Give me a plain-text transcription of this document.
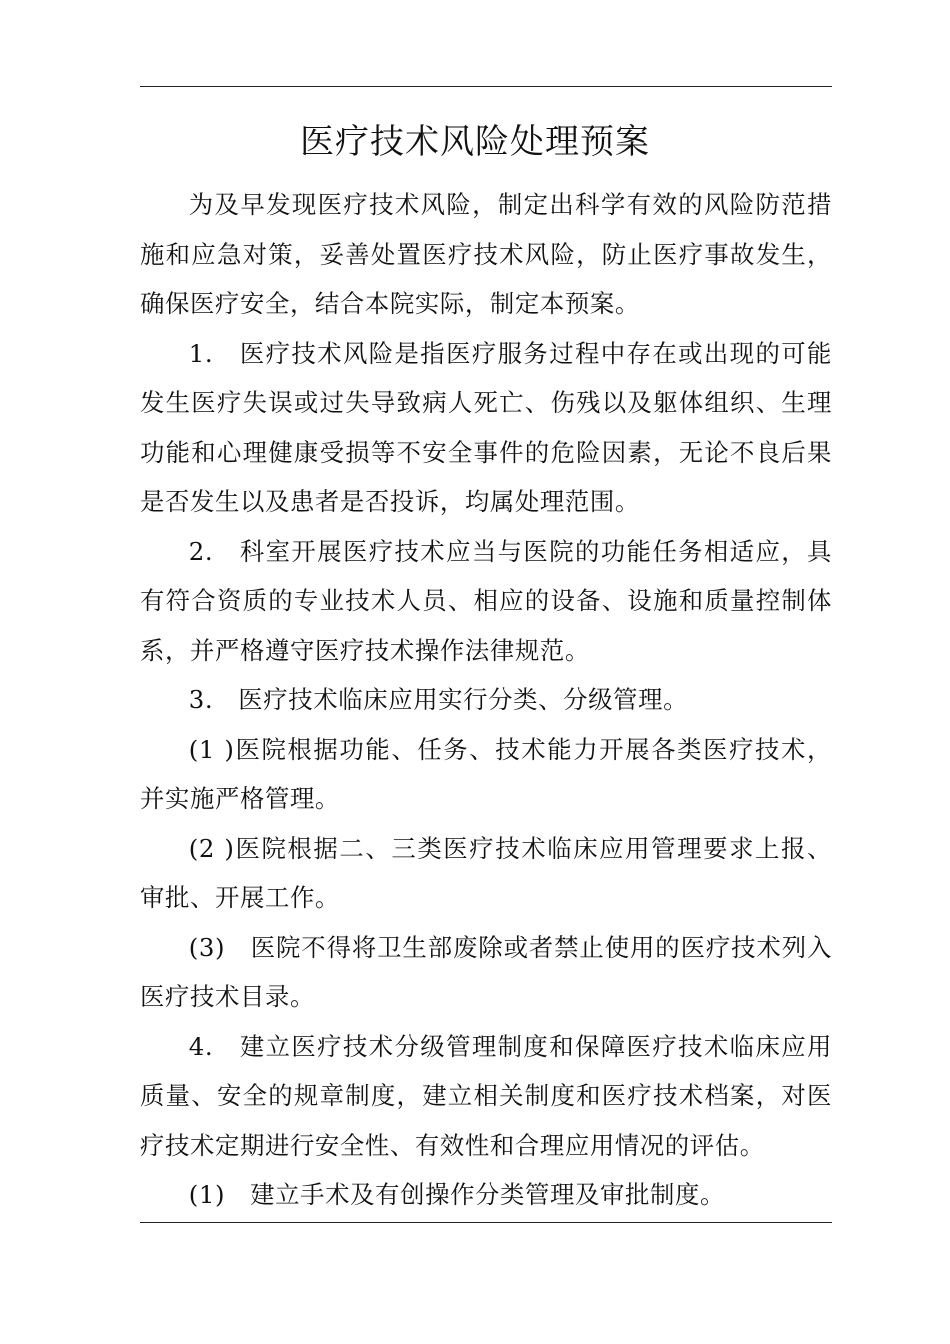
医疗技术风险处理预案

为及早发现医疗技术风险，制定出科学有效的风险防范措施和应急对策，妥善处置医疗技术风险，防止医疗事故发生，确保医疗安全，结合本院实际，制定本预案。

1.　医疗技术风险是指医疗服务过程中存在或出现的可能发生医疗失误或过失导致病人死亡、伤残以及躯体组织、生理功能和心理健康受损等不安全事件的危险因素，无论不良后果是否发生以及患者是否投诉，均属处理范围。

2.　科室开展医疗技术应当与医院的功能任务相适应，具有符合资质的专业技术人员、相应的设备、设施和质量控制体系，并严格遵守医疗技术操作法律规范。

3.　医疗技术临床应用实行分类、分级管理。

(1 )医院根据功能、任务、技术能力开展各类医疗技术，并实施严格管理。

(2 )医院根据二、三类医疗技术临床应用管理要求上报、审批、开展工作。

(3)　医院不得将卫生部废除或者禁止使用的医疗技术列入医疗技术目录。

4.　建立医疗技术分级管理制度和保障医疗技术临床应用质量、安全的规章制度，建立相关制度和医疗技术档案，对医疗技术定期进行安全性、有效性和合理应用情况的评估。

(1)　建立手术及有创操作分类管理及审批制度。
